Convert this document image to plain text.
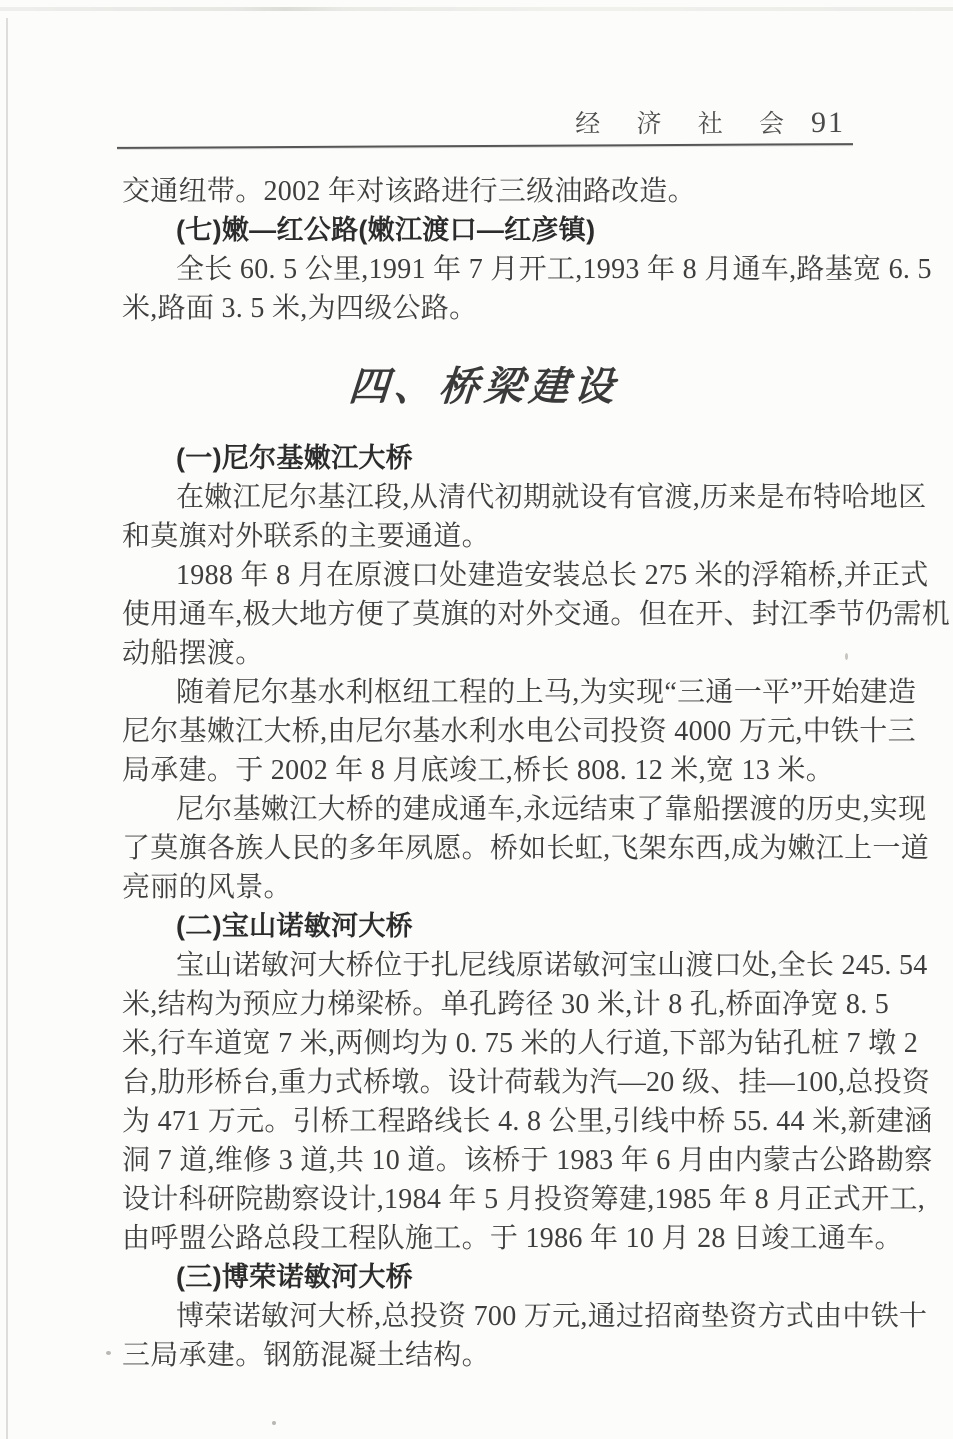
经 济 社 会 91
交通纽带。2002 年对该路进行三级油路改造。
(七)嫩—红公路(嫩江渡口—红彦镇)
全长 60. 5 公里,1991 年 7 月开工,1993 年 8 月通车,路基宽 6. 5
米,路面 3. 5 米,为四级公路。
四、桥梁建设
(一)尼尔基嫩江大桥
在嫩江尼尔基江段,从清代初期就设有官渡,历来是布特哈地区
和莫旗对外联系的主要通道。
1988 年 8 月在原渡口处建造安装总长 275 米的浮箱桥,并正式
使用通车,极大地方便了莫旗的对外交通。但在开、封江季节仍需机
动船摆渡。
随着尼尔基水利枢纽工程的上马,为实现“三通一平”开始建造
尼尔基嫩江大桥,由尼尔基水利水电公司投资 4000 万元,中铁十三
局承建。于 2002 年 8 月底竣工,桥长 808. 12 米,宽 13 米。
尼尔基嫩江大桥的建成通车,永远结束了靠船摆渡的历史,实现
了莫旗各族人民的多年夙愿。桥如长虹,飞架东西,成为嫩江上一道
亮丽的风景。
(二)宝山诺敏河大桥
宝山诺敏河大桥位于扎尼线原诺敏河宝山渡口处,全长 245. 54
米,结构为预应力梯梁桥。单孔跨径 30 米,计 8 孔,桥面净宽 8. 5
米,行车道宽 7 米,两侧均为 0. 75 米的人行道,下部为钻孔桩 7 墩 2
台,肋形桥台,重力式桥墩。设计荷载为汽—20 级、挂—100,总投资
为 471 万元。引桥工程路线长 4. 8 公里,引线中桥 55. 44 米,新建涵
洞 7 道,维修 3 道,共 10 道。该桥于 1983 年 6 月由内蒙古公路勘察
设计科研院勘察设计,1984 年 5 月投资筹建,1985 年 8 月正式开工,
由呼盟公路总段工程队施工。于 1986 年 10 月 28 日竣工通车。
(三)博荣诺敏河大桥
博荣诺敏河大桥,总投资 700 万元,通过招商垫资方式由中铁十
三局承建。钢筋混凝土结构。
